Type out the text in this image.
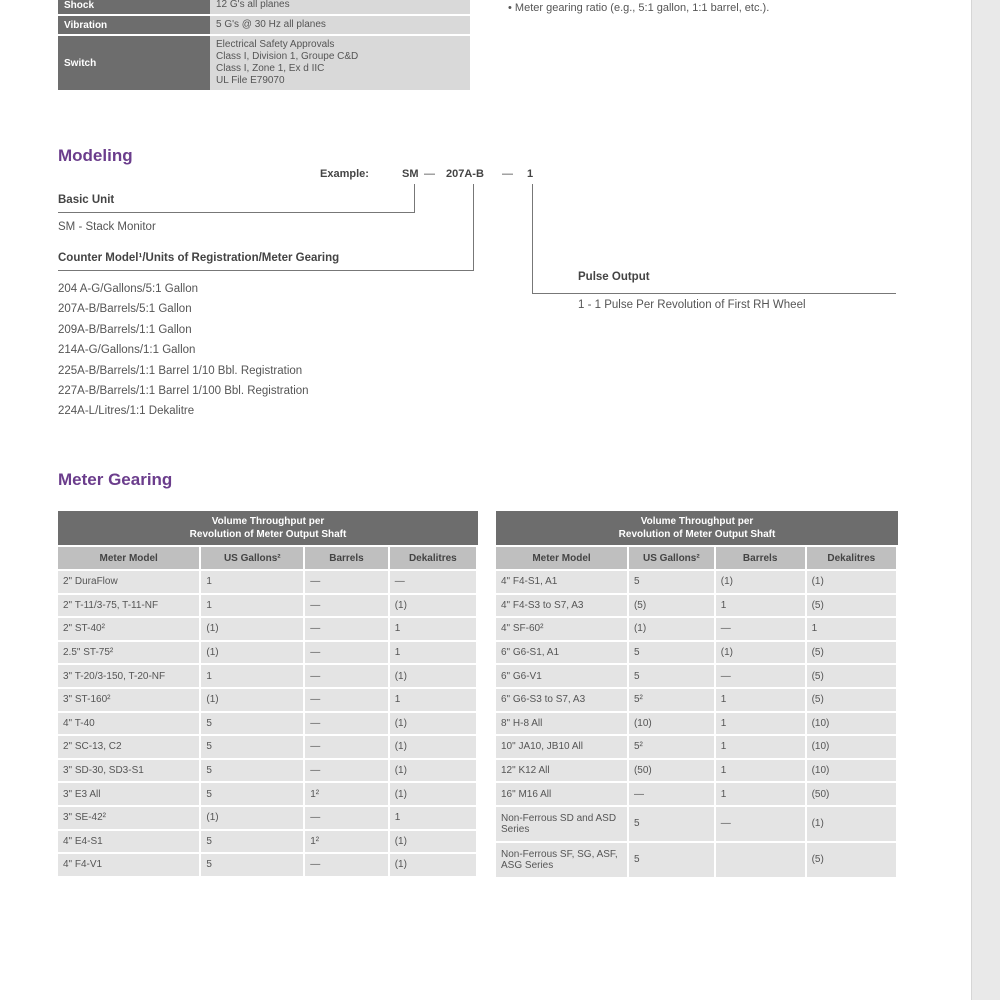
Shock	12 G's all planes

Vibration	5 G's @ 30 Hz all planes

Switch	Electrical Safety Approvals
Class I, Division 1, Groupe C&D
Class I, Zone 1, Ex d IIC
UL File E79070
• Meter gearing ratio (e.g., 5:1 gallon, 1:1 barrel, etc.).
Modeling
Example:	SM — 207A-B — 1
Basic Unit
SM - Stack Monitor
Counter Model¹/Units of Registration/Meter Gearing
204 A-G/Gallons/5:1 Gallon
207A-B/Barrels/5:1 Gallon
209A-B/Barrels/1:1 Gallon
214A-G/Gallons/1:1 Gallon
225A-B/Barrels/1:1 Barrel 1/10 Bbl. Registration
227A-B/Barrels/1:1 Barrel 1/100 Bbl. Registration
224A-L/Litres/1:1 Dekalitre
Pulse Output
1 - 1 Pulse Per Revolution of First RH Wheel
Meter Gearing
Volume Throughput per
Revolution of Meter Output Shaft			

Meter Model	US Gallons²	Barrels	Dekalitres
2" DuraFlow	1	—	—
2" T-11/3-75, T-11-NF	1	—	(1)
2" ST-40²	(1)	—	1
2.5" ST-75²	(1)	—	1
3" T-20/3-150, T-20-NF	1	—	(1)
3" ST-160²	(1)	—	1
4" T-40	5	—	(1)
2" SC-13, C2	5	—	(1)
3" SD-30, SD3-S1	5	—	(1)
3" E3 All	5	1²	(1)
3" SE-42²	(1)	—	1
4" E4-S1	5	1²	(1)
4" F4-V1	5	—	(1)
Volume Throughput per
Revolution of Meter Output Shaft			

Meter Model	US Gallons²	Barrels	Dekalitres
4" F4-S1, A1	5	(1)	(1)
4" F4-S3 to S7, A3	(5)	1	(5)
4" SF-60²	(1)	—	1
6" G6-S1, A1	5	(1)	(5)
6" G6-V1	5	—	(5)
6" G6-S3 to S7, A3	5²	1	(5)
8" H-8 All	(10)	1	(10)
10" JA10, JB10 All	5²	1	(10)
12" K12 All	(50)	1	(10)
16" M16 All	—	1	(50)
Non-Ferrous SD and ASD Series	5	—	(1)
Non-Ferrous SF, SG, ASF, ASG Series	5		(5)
